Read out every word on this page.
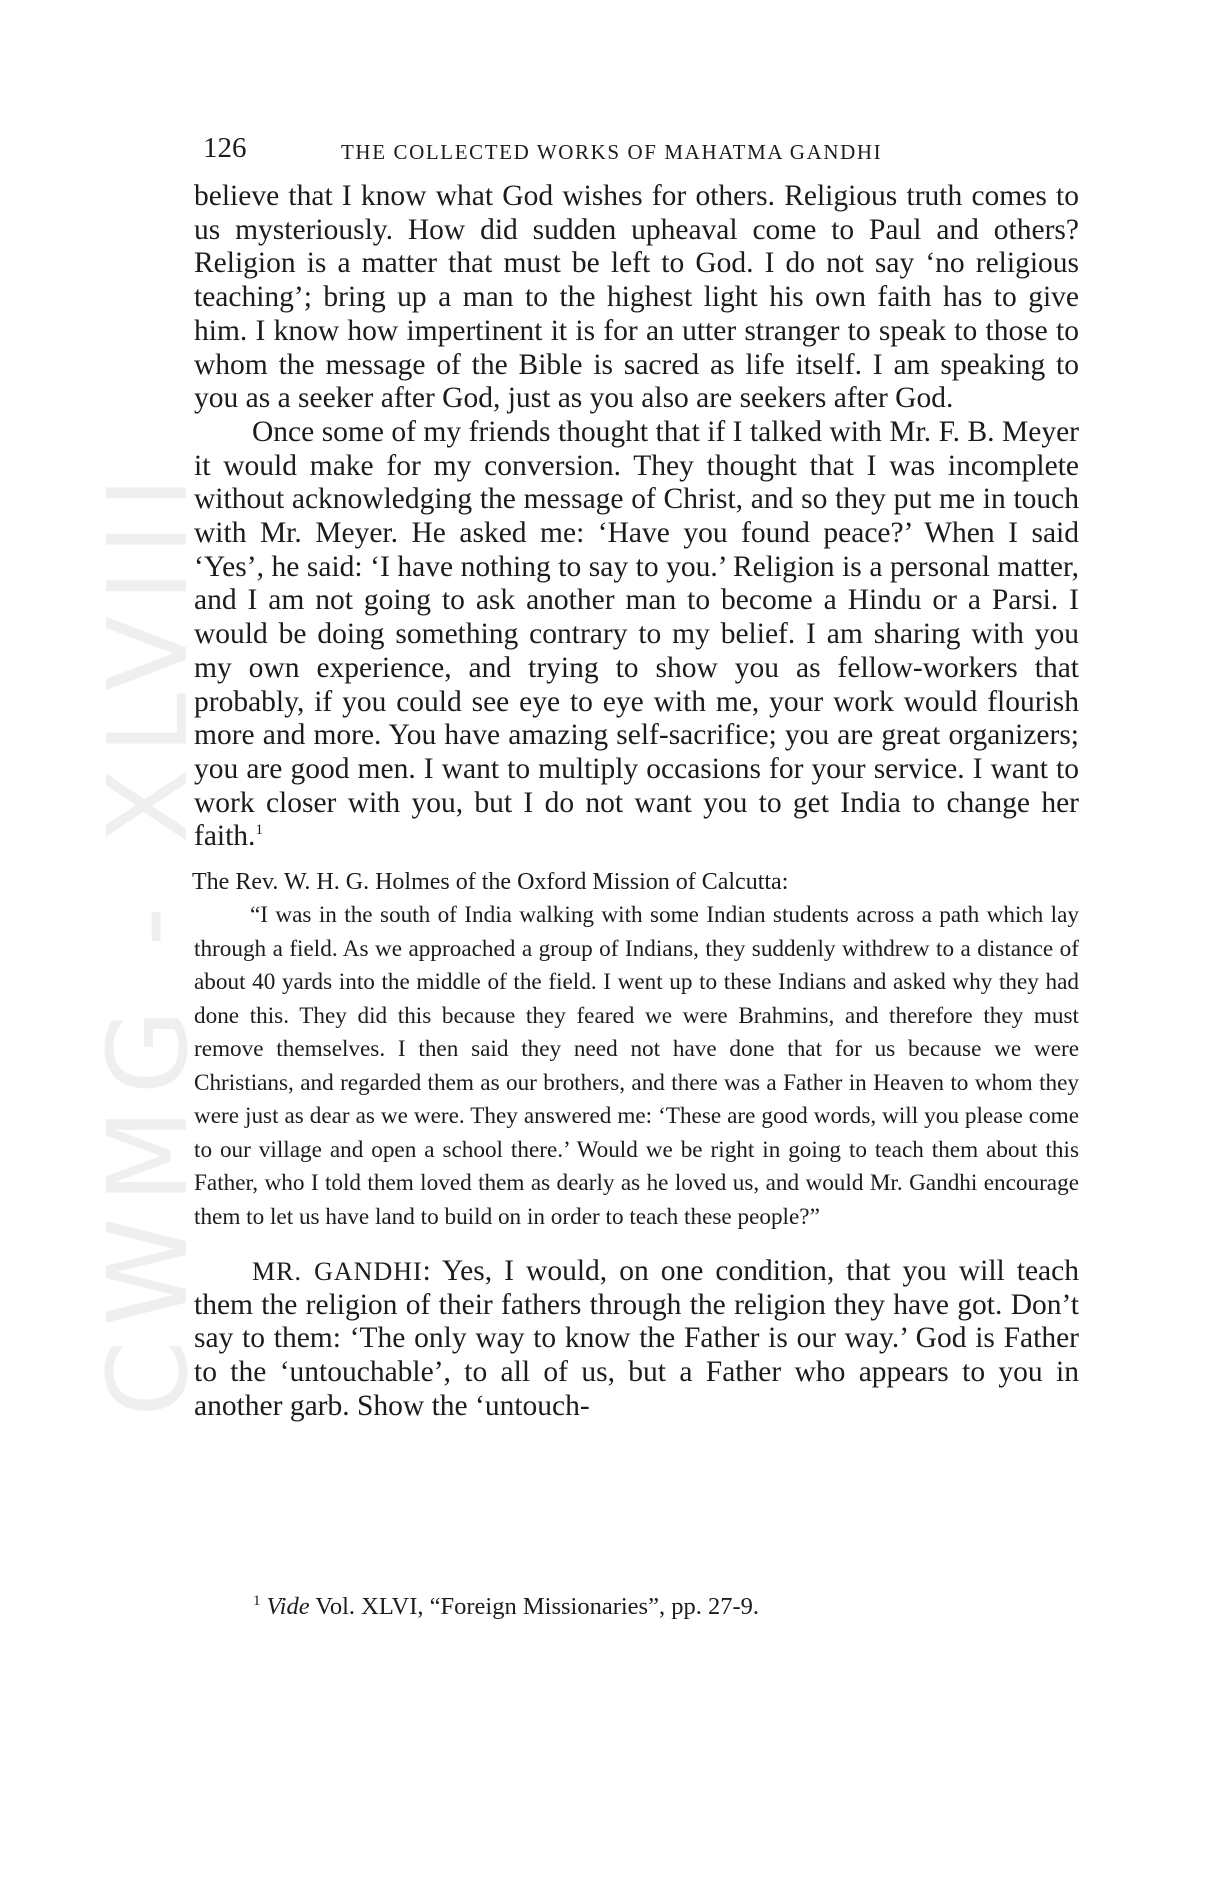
CWMG - XLVIII
126	THE COLLECTED WORKS OF MAHATMA GANDHI

believe that I know what God wishes for others. Religious truth comes to us mysteriously. How did sudden upheaval come to Paul and others? Religion is a matter that must be left to God. I do not say ‘no religious teaching’; bring up a man to the highest light his own faith has to give him. I know how impertinent it is for an utter stranger to speak to those to whom the message of the Bible is sacred as life itself. I am speaking to you as a seeker after God, just as you also are seekers after God.

Once some of my friends thought that if I talked with Mr. F. B. Meyer it would make for my conversion. They thought that I was incomplete without acknowledging the message of Christ, and so they put me in touch with Mr. Meyer. He asked me: ‘Have you found peace?’ When I said ‘Yes’, he said: ‘I have nothing to say to you.’ Religion is a personal matter, and I am not going to ask another man to become a Hindu or a Parsi. I would be doing something contrary to my belief. I am sharing with you my own experience, and trying to show you as fellow-workers that probably, if you could see eye to eye with me, your work would flourish more and more. You have amazing self-sacrifice; you are great organizers; you are good men. I want to multiply occasions for your service. I want to work closer with you, but I do not want you to get India to change her faith.$^1$

The Rev. W. H. G. Holmes of the Oxford Mission of Calcutta:

“I was in the south of India walking with some Indian students across a path which lay through a field. As we approached a group of Indians, they suddenly withdrew to a distance of about 40 yards into the middle of the field. I went up to these Indians and asked why they had done this. They did this because they feared we were Brahmins, and therefore they must remove themselves. I then said they need not have done that for us because we were Christians, and regarded them as our brothers, and there was a Father in Heaven to whom they were just as dear as we were. They answered me: ‘These are good words, will you please come to our village and open a school there.’ Would we be right in going to teach them about this Father, who I told them loved them as dearly as he loved us, and would Mr. Gandhi encourage them to let us have land to build on in order to teach these people?”

MR. GANDHI: Yes, I would, on one condition, that you will teach them the religion of their fathers through the religion they have got. Don’t say to them: ‘The only way to know the Father is our way.’ God is Father to the ‘untouchable’, to all of us, but a Father who appears to you in another garb. Show the ‘untouch-

$^1$ Vide Vol. XLVI, “Foreign Missionaries”, pp. 27-9.
